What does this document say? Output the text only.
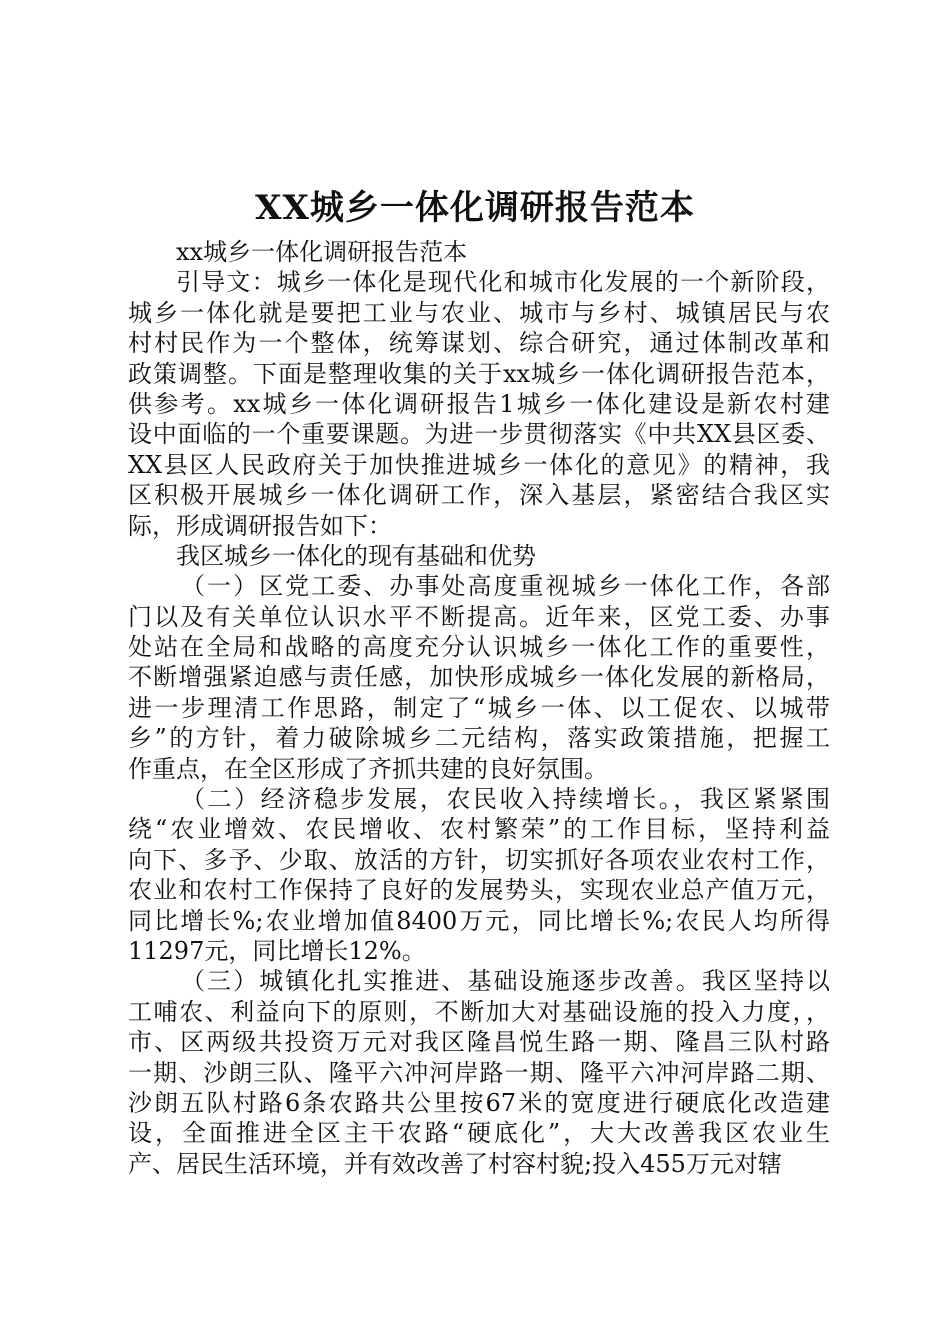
XX城乡一体化调研报告范本
xx城乡一体化调研报告范本
引导文：城乡一体化是现代化和城市化发展的一个新阶段，
城乡一体化就是要把工业与农业、城市与乡村、城镇居民与农
村村民作为一个整体，统筹谋划、综合研究，通过体制改革和
政策调整。下面是整理收集的关于xx城乡一体化调研报告范本，
供参考。xx城乡一体化调研报告1城乡一体化建设是新农村建
设中面临的一个重要课题。为进一步贯彻落实《中共XX县区委、
XX县区人民政府关于加快推进城乡一体化的意见》的精神，我
区积极开展城乡一体化调研工作，深入基层，紧密结合我区实
际，形成调研报告如下：
我区城乡一体化的现有基础和优势
（一）区党工委、办事处高度重视城乡一体化工作，各部
门以及有关单位认识水平不断提高。近年来，区党工委、办事
处站在全局和战略的高度充分认识城乡一体化工作的重要性，
不断增强紧迫感与责任感，加快形成城乡一体化发展的新格局，
进一步理清工作思路，制定了“城乡一体、以工促农、以城带
乡”的方针，着力破除城乡二元结构，落实政策措施，把握工
作重点，在全区形成了齐抓共建的良好氛围。
（二）经济稳步发展，农民收入持续增长。，我区紧紧围
绕“农业增效、农民增收、农村繁荣”的工作目标，坚持利益
向下、多予、少取、放活的方针，切实抓好各项农业农村工作，
农业和农村工作保持了良好的发展势头，实现农业总产值万元，
同比增长%;农业增加值8400万元，同比增长%;农民人均所得
11297元，同比增长12%。
（三）城镇化扎实推进、基础设施逐步改善。我区坚持以
工哺农、利益向下的原则，不断加大对基础设施的投入力度，，
市、区两级共投资万元对我区隆昌悦生路一期、隆昌三队村路
一期、沙朗三队、隆平六冲河岸路一期、隆平六冲河岸路二期、
沙朗五队村路6条农路共公里按67米的宽度进行硬底化改造建
设，全面推进全区主干农路“硬底化”，大大改善我区农业生
产、居民生活环境，并有效改善了村容村貌;投入455万元对辖
